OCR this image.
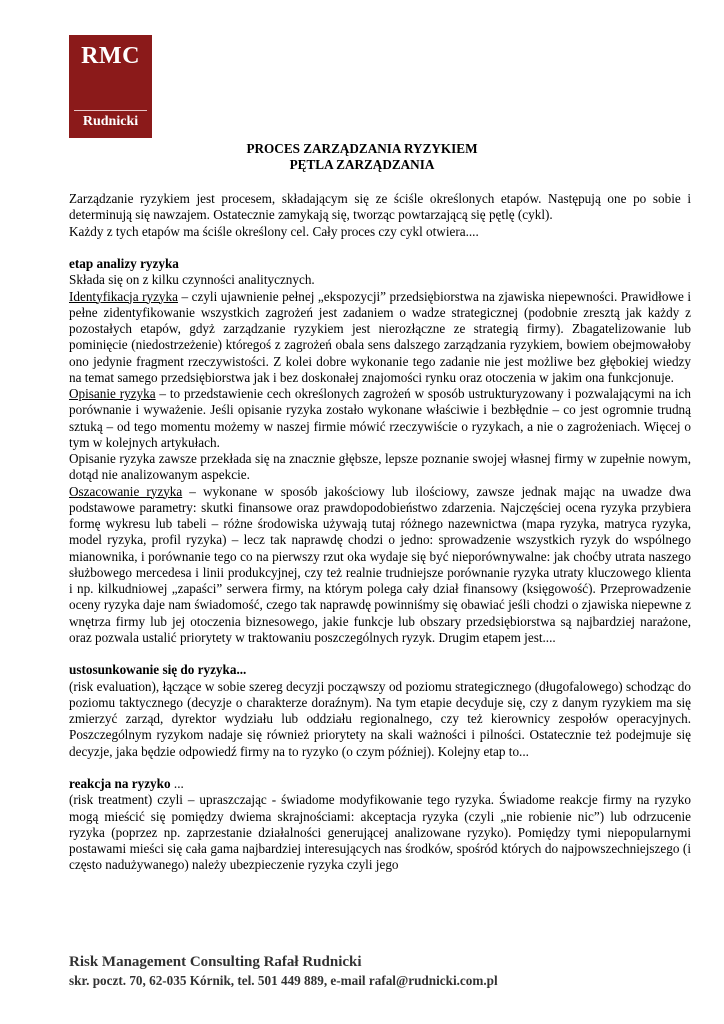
RMC
Rudnicki
PROCES ZARZĄDZANIA RYZYKIEM
PĘTLA ZARZĄDZANIA

Zarządzanie ryzykiem jest procesem, składającym się ze ściśle określonych etapów. Następują one po sobie i determinują się nawzajem. Ostatecznie zamykają się, tworząc powtarzającą się pętlę (cykl).

Każdy z tych etapów ma ściśle określony cel. Cały proces czy cykl otwiera....

etap analizy ryzyka

Składa się on z kilku czynności analitycznych.

Identyfikacja ryzyka – czyli ujawnienie pełnej „ekspozycji” przedsiębiorstwa na zjawiska niepewności. Prawidłowe i pełne zidentyfikowanie wszystkich zagrożeń jest zadaniem o wadze strategicznej (podobnie zresztą jak każdy z pozostałych etapów, gdyż zarządzanie ryzykiem jest nierozłączne ze strategią firmy). Zbagatelizowanie lub pominięcie (niedostrzeżenie) któregoś z zagrożeń obala sens dalszego zarządzania ryzykiem, bowiem obejmowałoby ono jedynie fragment rzeczywistości. Z kolei dobre wykonanie tego zadanie nie jest możliwe bez głębokiej wiedzy na temat samego przedsiębiorstwa jak i bez doskonałej znajomości rynku oraz otoczenia w jakim ona funkcjonuje.

Opisanie ryzyka – to przedstawienie cech określonych zagrożeń w sposób ustrukturyzowany i pozwalającymi na ich porównanie i wyważenie. Jeśli opisanie ryzyka zostało wykonane właściwie i bezbłędnie – co jest ogromnie trudną sztuką – od tego momentu możemy w naszej firmie mówić rzeczywiście o ryzykach, a nie o zagrożeniach. Więcej o tym w kolejnych artykułach.

Opisanie ryzyka zawsze przekłada się na znacznie głębsze, lepsze poznanie swojej własnej firmy w zupełnie nowym, dotąd nie analizowanym aspekcie.

Oszacowanie ryzyka – wykonane w sposób jakościowy lub ilościowy, zawsze jednak mając na uwadze dwa podstawowe parametry: skutki finansowe oraz prawdopodobieństwo zdarzenia. Najczęściej ocena ryzyka przybiera formę wykresu lub tabeli – różne środowiska używają tutaj różnego nazewnictwa (mapa ryzyka, matryca ryzyka, model ryzyka, profil ryzyka) – lecz tak naprawdę chodzi o jedno: sprowadzenie wszystkich ryzyk do wspólnego mianownika, i porównanie tego co na pierwszy rzut oka wydaje się być nieporównywalne: jak choćby utrata naszego służbowego mercedesa i linii produkcyjnej, czy też realnie trudniejsze porównanie ryzyka utraty kluczowego klienta i np. kilkudniowej „zapaści” serwera firmy, na którym polega cały dział finansowy (księgowość). Przeprowadzenie oceny ryzyka daje nam świadomość, czego tak naprawdę powinniśmy się obawiać jeśli chodzi o zjawiska niepewne z wnętrza firmy lub jej otoczenia biznesowego, jakie funkcje lub obszary przedsiębiorstwa są najbardziej narażone, oraz pozwala ustalić priorytety w traktowaniu poszczególnych ryzyk. Drugim etapem jest....

ustosunkowanie się do ryzyka...

(risk evaluation), łączące w sobie szereg decyzji począwszy od poziomu strategicznego (długofalowego) schodząc do poziomu taktycznego (decyzje o charakterze doraźnym). Na tym etapie decyduje się, czy z danym ryzykiem ma się zmierzyć zarząd, dyrektor wydziału lub oddziału regionalnego, czy też kierownicy zespołów operacyjnych. Poszczególnym ryzykom nadaje się również priorytety na skali ważności i pilności. Ostatecznie też podejmuje się decyzje, jaka będzie odpowiedź firmy na to ryzyko (o czym później). Kolejny etap to...

reakcja na ryzyko ...

(risk treatment) czyli – upraszczając - świadome modyfikowanie tego ryzyka. Świadome reakcje firmy na ryzyko mogą mieścić się pomiędzy dwiema skrajnościami: akceptacja ryzyka (czyli „nie robienie nic”) lub odrzucenie ryzyka (poprzez np. zaprzestanie działalności generującej analizowane ryzyko). Pomiędzy tymi niepopularnymi postawami mieści się cała gama najbardziej interesujących nas środków, spośród których do najpowszechniejszego (i często nadużywanego) należy ubezpieczenie ryzyka czyli jego

Risk Management Consulting Rafał Rudnicki
skr. poczt. 70, 62-035 Kórnik, tel. 501 449 889, e-mail rafal@rudnicki.com.pl
